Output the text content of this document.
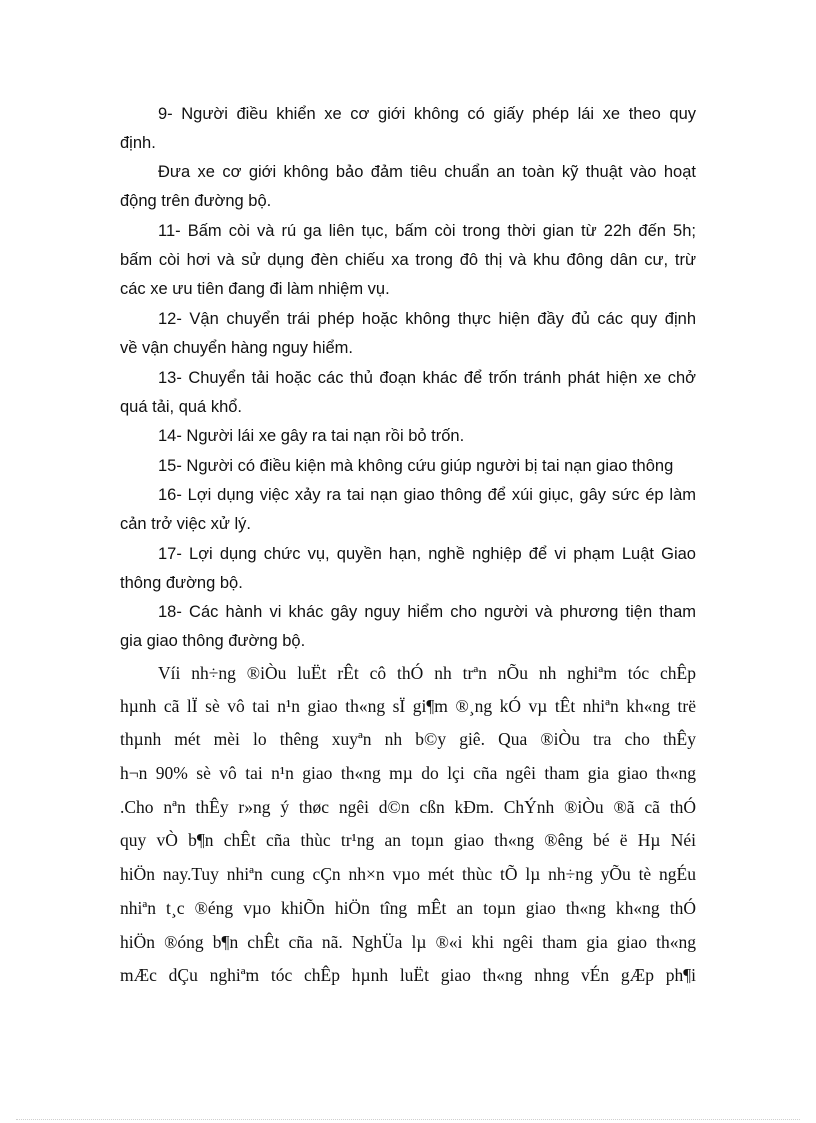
9- Người điều khiển xe cơ giới không có giấy phép lái xe theo quy

định.

Đưa xe cơ giới không bảo đảm tiêu chuẩn an toàn kỹ thuật vào hoạt

động trên đường bộ.

11- Bấm còi và rú ga liên tục, bấm còi trong thời gian từ 22h đến 5h;

bấm còi hơi và sử dụng đèn chiếu xa trong đô thị và khu đông dân cư, trừ

các xe ưu tiên đang đi làm nhiệm vụ.

12- Vận chuyển trái phép hoặc không thực hiện đầy đủ các quy định

về vận chuyển hàng nguy hiểm.

13- Chuyển tải hoặc các thủ đoạn khác để trốn tránh phát hiện xe chở

quá tải, quá khổ.

14- Người lái xe gây ra tai nạn rồi bỏ trốn.

15- Người có điều kiện mà không cứu giúp người bị tai nạn giao thông

16- Lợi dụng việc xảy ra tai nạn giao thông để xúi giục, gây sức ép làm

cản trở việc xử lý.

17- Lợi dụng chức vụ, quyền hạn, nghề nghiệp để vi phạm Luật Giao

thông đường bộ.

18- Các hành vi khác gây nguy hiểm cho người và phương tiện tham

gia giao thông đường bộ.

Víi nh÷ng ®iÒu luËt rÊt cô thÓ nh trªn nÕu nh nghiªm tóc chÊp

hµnh cã lÏ sè vô tai n¹n giao th«ng sÏ gi¶m ®¸ng kÓ vµ tÊt nhiªn kh«ng trë

thµnh mét mèi lo thêng xuyªn nh b©y giê. Qua ®iÒu tra cho thÊy

h¬n 90% sè vô tai n¹n giao th«ng mµ do lçi cña ngêi tham gia giao th«ng

.Cho nªn thÊy r»ng ý thøc ngêi d©n cßn kÐm. ChÝnh ®iÒu ®ã cã thÓ

quy vÒ b¶n chÊt cña thùc tr¹ng an toµn giao th«ng ®êng bé ë Hµ Néi

hiÖn nay.Tuy nhiªn cung cÇn nh×n vµo mét thùc tÕ lµ nh÷ng yÕu tè ngÉu

nhiªn t¸c ®éng vµo khiÕn hiÖn tîng mÊt an toµn giao th«ng kh«ng thÓ

hiÖn ®óng b¶n chÊt cña nã. NghÜa lµ ®«i khi ngêi tham gia giao th«ng

mÆc dÇu nghiªm tóc chÊp hµnh luËt giao th«ng nhng vÉn gÆp ph¶i
